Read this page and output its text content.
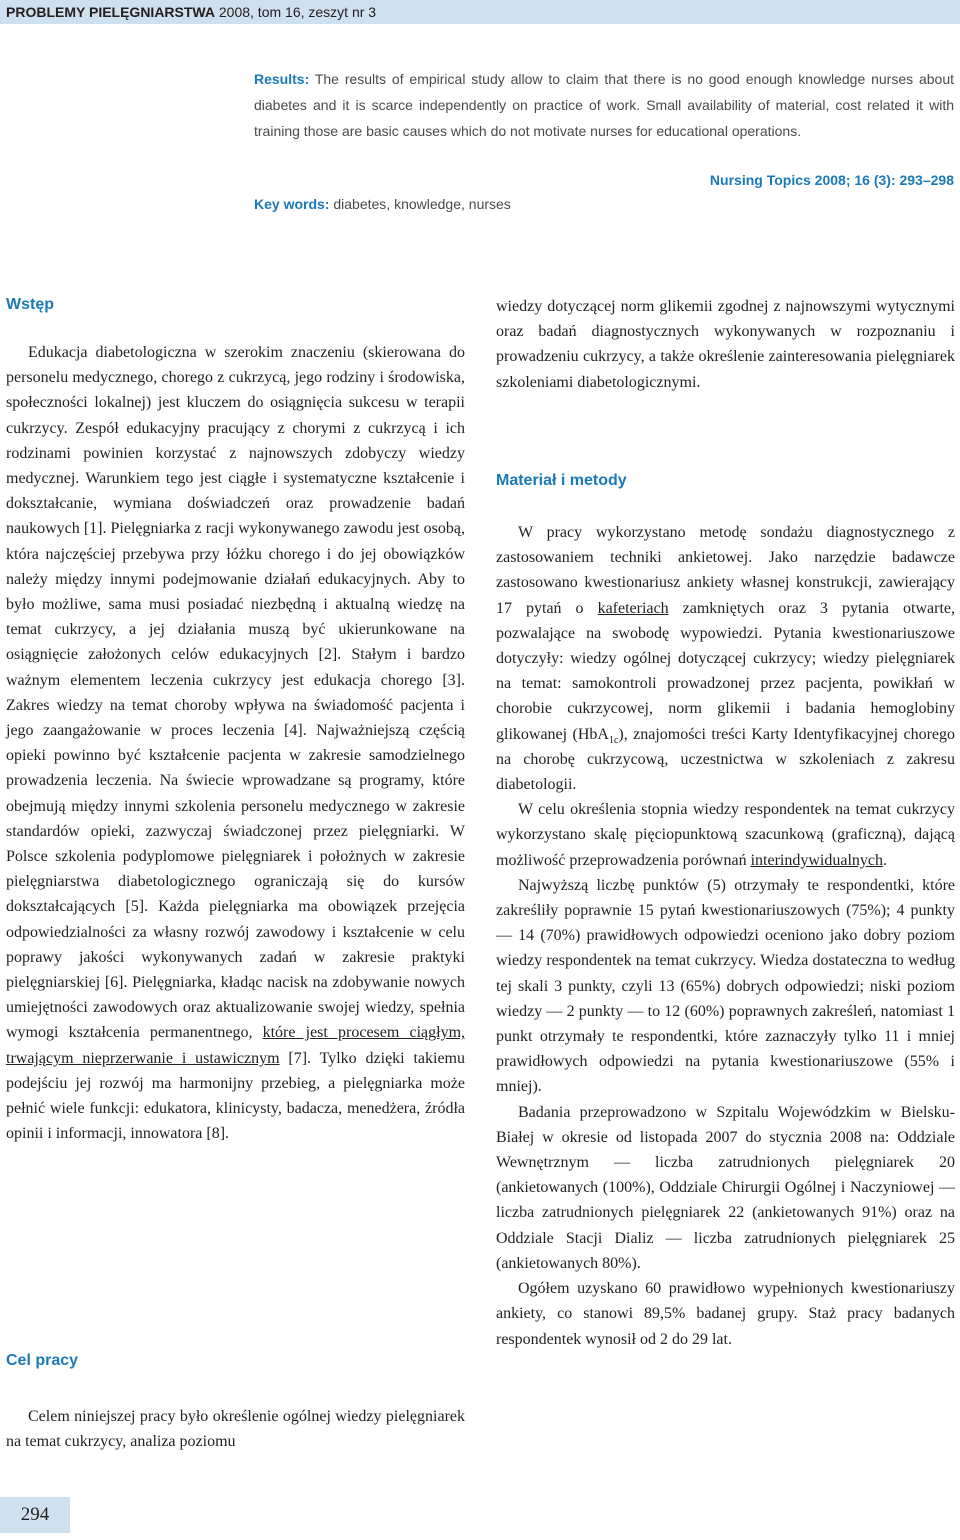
PROBLEMY PIELĘGNIARSTWA 2008, tom 16, zeszyt nr 3
Results: The results of empirical study allow to claim that there is no good enough knowledge nurses about diabetes and it is scarce independently on practice of work. Small availability of material, cost related it with training those are basic causes which do not motivate nurses for educational operations.
Nursing Topics 2008; 16 (3): 293–298
Key words: diabetes, knowledge, nurses
Wstęp

Edukacja diabetologiczna w szerokim znaczeniu (skierowana do personelu medycznego, chorego z cukrzycą, jego rodziny i środowiska, społeczności lokalnej) jest kluczem do osiągnięcia sukcesu w terapii cukrzycy. Zespół edukacyjny pracujący z chorymi z cukrzycą i ich rodzinami powinien korzystać z najnowszych zdobyczy wiedzy medycznej. Warunkiem tego jest ciągłe i systematyczne kształcenie i dokształcanie, wymiana doświadczeń oraz prowadzenie badań naukowych [1]. Pielęgniarka z racji wykonywanego zawodu jest osobą, która najczęściej przebywa przy łóżku chorego i do jej obowiązków należy między innymi podejmowanie działań edukacyjnych. Aby to było możliwe, sama musi posiadać niezbędną i aktualną wiedzę na temat cukrzycy, a jej działania muszą być ukierunkowane na osiągnięcie założonych celów edukacyjnych [2]. Stałym i bardzo ważnym elementem leczenia cukrzycy jest edukacja chorego [3]. Zakres wiedzy na temat choroby wpływa na świadomość pacjenta i jego zaangażowanie w proces leczenia [4]. Najważniejszą częścią opieki powinno być kształcenie pacjenta w zakresie samodzielnego prowadzenia leczenia. Na świecie wprowadzane są programy, które obejmują między innymi szkolenia personelu medycznego w zakresie standardów opieki, zazwyczaj świadczonej przez pielęgniarki. W Polsce szkolenia podyplomowe pielęgniarek i położnych w zakresie pielęgniarstwa diabetologicznego ograniczają się do kursów dokształcających [5]. Każda pielęgniarka ma obowiązek przejęcia odpowiedzialności za własny rozwój zawodowy i kształcenie w celu poprawy jakości wykonywanych zadań w zakresie praktyki pielęgniarskiej [6]. Pielęgniarka, kładąc nacisk na zdobywanie nowych umiejętności zawodowych oraz aktualizowanie swojej wiedzy, spełnia wymogi kształcenia permanentnego, które jest procesem ciągłym, trwającym nieprzerwanie i ustawicznym [7]. Tylko dzięki takiemu podejściu jej rozwój ma harmonijny przebieg, a pielęgniarka może pełnić wiele funkcji: edukatora, klinicysty, badacza, menedżera, źródła opinii i informacji, innowatora [8].

Cel pracy

Celem niniejszej pracy było określenie ogólnej wiedzy pielęgniarek na temat cukrzycy, analiza poziomu

wiedzy dotyczącej norm glikemii zgodnej z najnowszymi wytycznymi oraz badań diagnostycznych wykonywanych w rozpoznaniu i prowadzeniu cukrzycy, a także określenie zainteresowania pielęgniarek szkoleniami diabetologicznymi.

Materiał i metody

W pracy wykorzystano metodę sondażu diagnostycznego z zastosowaniem techniki ankietowej. Jako narzędzie badawcze zastosowano kwestionariusz ankiety własnej konstrukcji, zawierający 17 pytań o kafeteriach zamkniętych oraz 3 pytania otwarte, pozwalające na swobodę wypowiedzi. Pytania kwestionariuszowe dotyczyły: wiedzy ogólnej dotyczącej cukrzycy; wiedzy pielęgniarek na temat: samokontroli prowadzonej przez pacjenta, powikłań w chorobie cukrzycowej, norm glikemii i badania hemoglobiny glikowanej (HbA$_{1c}$), znajomości treści Karty Identyfikacyjnej chorego na chorobę cukrzycową, uczestnictwa w szkoleniach z zakresu diabetologii.

W celu określenia stopnia wiedzy respondentek na temat cukrzycy wykorzystano skalę pięciopunktową szacunkową (graficzną), dającą możliwość przeprowadzenia porównań interindywidualnych.

Najwyższą liczbę punktów (5) otrzymały te respondentki, które zakreśliły poprawnie 15 pytań kwestionariuszowych (75%); 4 punkty — 14 (70%) prawidłowych odpowiedzi oceniono jako dobry poziom wiedzy respondentek na temat cukrzycy. Wiedza dostateczna to według tej skali 3 punkty, czyli 13 (65%) dobrych odpowiedzi; niski poziom wiedzy — 2 punkty — to 12 (60%) poprawnych zakreśleń, natomiast 1 punkt otrzymały te respondentki, które zaznaczyły tylko 11 i mniej prawidłowych odpowiedzi na pytania kwestionariuszowe (55% i mniej).

Badania przeprowadzono w Szpitalu Wojewódzkim w Bielsku-Białej w okresie od listopada 2007 do stycznia 2008 na: Oddziale Wewnętrznym — liczba zatrudnionych pielęgniarek 20 (ankietowanych (100%), Oddziale Chirurgii Ogólnej i Naczyniowej — liczba zatrudnionych pielęgniarek 22 (ankietowanych 91%) oraz na Oddziale Stacji Dializ — liczba zatrudnionych pielęgniarek 25 (ankietowanych 80%).

Ogółem uzyskano 60 prawidłowo wypełnionych kwestionariuszy ankiety, co stanowi 89,5% badanej grupy. Staż pracy badanych respondentek wynosił od 2 do 29 lat.

294
